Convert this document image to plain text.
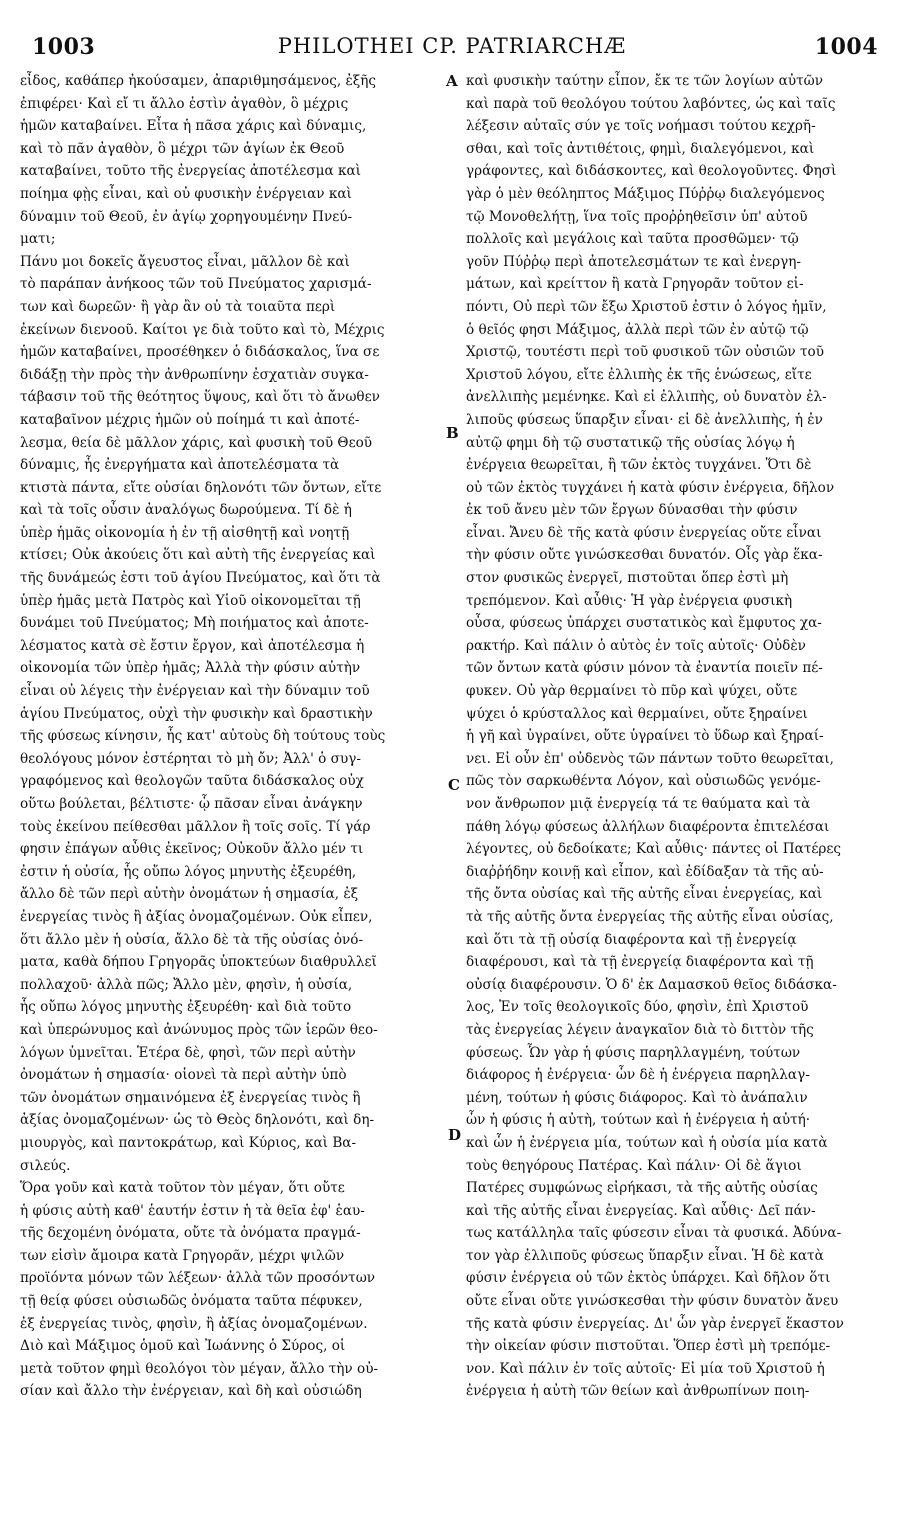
1003	PHILOTHEI CP. PATRIARCHÆ	1004
εἶδος, καθάπερ ἠκούσαμεν, ἀπαριθμησάμενος, ἐξῆς
ἐπιφέρει· Καὶ εἴ τι ἄλλο ἐστὶν ἀγαθὸν, ὃ μέχρις
ἡμῶν καταβαίνει. Εἶτα ἡ πᾶσα χάρις καὶ δύναμις,
καὶ τὸ πᾶν ἀγαθὸν, ὃ μέχρι τῶν ἁγίων ἐκ Θεοῦ
καταβαίνει, τοῦτο τῆς ἐνεργείας ἀποτέλεσμα καὶ
ποίημα φῂς εἶναι, καὶ οὐ φυσικὴν ἐνέργειαν καὶ
δύναμιν τοῦ Θεοῦ, ἐν ἁγίῳ χορηγουμένην Πνεύ-
ματι;
Πάνυ μοι δοκεῖς ἄγευστος εἶναι, μᾶλλον δὲ καὶ
τὸ παράπαν ἀνήκοος τῶν τοῦ Πνεύματος χαρισμά-
των καὶ δωρεῶν· ἢ γὰρ ἂν οὐ τὰ τοιαῦτα περὶ
ἐκείνων διενοοῦ. Καίτοι γε διὰ τοῦτο καὶ τὸ, Μέχρις
ἡμῶν καταβαίνει, προσέθηκεν ὁ διδάσκαλος, ἵνα σε
διδάξῃ τὴν πρὸς τὴν ἀνθρωπίνην ἐσχατιὰν συγκα-
τάβασιν τοῦ τῆς θεότητος ὕψους, καὶ ὅτι τὸ ἄνωθεν
καταβαῖνον μέχρις ἡμῶν οὐ ποίημά τι καὶ ἀποτέ-
λεσμα, θεία δὲ μᾶλλον χάρις, καὶ φυσικὴ τοῦ Θεοῦ
δύναμις, ἧς ἐνεργήματα καὶ ἀποτελέσματα τὰ
κτιστὰ πάντα, εἴτε οὐσίαι δηλονότι τῶν ὄντων, εἴτε
καὶ τὰ τοῖς οὖσιν ἀναλόγως δωρούμενα. Τί δὲ ἡ
ὑπὲρ ἡμᾶς οἰκονομία ἡ ἐν τῇ αἰσθητῇ καὶ νοητῇ
κτίσει; Οὐκ ἀκούεις ὅτι καὶ αὐτὴ τῆς ἐνεργείας καὶ
τῆς δυνάμεώς ἐστι τοῦ ἁγίου Πνεύματος, καὶ ὅτι τὰ
ὑπὲρ ἡμᾶς μετὰ Πατρὸς καὶ Υἱοῦ οἰκονομεῖται τῇ
δυνάμει τοῦ Πνεύματος; Μὴ ποιήματος καὶ ἀποτε-
λέσματος κατὰ σὲ ἔστιν ἔργον, καὶ ἀποτέλεσμα ἡ
οἰκονομία τῶν ὑπὲρ ἡμᾶς; Ἀλλὰ τὴν φύσιν αὐτὴν
εἶναι οὐ λέγεις τὴν ἐνέργειαν καὶ τὴν δύναμιν τοῦ
ἁγίου Πνεύματος, οὐχὶ τὴν φυσικὴν καὶ δραστικὴν
τῆς φύσεως κίνησιν, ἧς κατ' αὐτοὺς δὴ τούτους τοὺς
θεολόγους μόνον ἐστέρηται τὸ μὴ ὄν; Ἀλλ' ὁ συγ-
γραφόμενος καὶ θεολογῶν ταῦτα διδάσκαλος οὐχ
οὕτω βούλεται, βέλτιστε· ᾧ πᾶσαν εἶναι ἀνάγκην
τοὺς ἐκείνου πείθεσθαι μᾶλλον ἢ τοῖς σοῖς. Τί γάρ
φησιν ἐπάγων αὖθις ἐκεῖνος; Οὐκοῦν ἄλλο μέν τι
ἐστιν ἡ οὐσία, ἧς οὔπω λόγος μηνυτὴς ἐξευρέθη,
ἄλλο δὲ τῶν περὶ αὐτὴν ὀνομάτων ἡ σημασία, ἐξ
ἐνεργείας τινὸς ἢ ἀξίας ὀνομαζομένων. Οὐκ εἶπεν,
ὅτι ἄλλο μὲν ἡ οὐσία, ἄλλο δὲ τὰ τῆς οὐσίας ὀνό-
ματα, καθὰ δήπου Γρηγορᾶς ὑποκτεύων διαθρυλλεῖ
πολλαχοῦ· ἀλλὰ πῶς; Ἄλλο μὲν, φησὶν, ἡ οὐσία,
ἧς οὔπω λόγος μηνυτὴς ἐξευρέθη· καὶ διὰ τοῦτο
καὶ ὑπερώνυμος καὶ ἀνώνυμος πρὸς τῶν ἱερῶν θεο-
λόγων ὑμνεῖται. Ἑτέρα δὲ, φησὶ, τῶν περὶ αὐτὴν
ὀνομάτων ἡ σημασία· οἱονεὶ τὰ περὶ αὐτὴν ὑπὸ
τῶν ὀνομάτων σημαινόμενα ἐξ ἐνεργείας τινὸς ἢ
ἀξίας ὀνομαζομένων· ὡς τὸ Θεὸς δηλονότι, καὶ δη-
μιουργὸς, καὶ παντοκράτωρ, καὶ Κύριος, καὶ Βα-
σιλεύς.
Ὅρα γοῦν καὶ κατὰ τοῦτον τὸν μέγαν, ὅτι οὔτε
ἡ φύσις αὐτὴ καθ' ἑαυτήν ἐστιν ἡ τὰ θεῖα ἐφ' ἑαυ-
τῆς δεχομένη ὀνόματα, οὔτε τὰ ὀνόματα πραγμά-
των εἰσὶν ἄμοιρα κατὰ Γρηγορᾶν, μέχρι ψιλῶν
προϊόντα μόνων τῶν λέξεων· ἀλλὰ τῶν προσόντων
τῇ θείᾳ φύσει οὐσιωδῶς ὀνόματα ταῦτα πέφυκεν,
ἐξ ἐνεργείας τινὸς, φησὶν, ἢ ἀξίας ὀνομαζομένων.
Διὸ καὶ Μάξιμος ὁμοῦ καὶ Ἰωάννης ὁ Σύρος, οἱ
μετὰ τοῦτον φημὶ θεολόγοι τὸν μέγαν, ἄλλο τὴν οὐ-
σίαν καὶ ἄλλο τὴν ἐνέργειαν, καὶ δὴ καὶ οὐσιώδη
καὶ φυσικὴν ταύτην εἶπον, ἔκ τε τῶν λογίων αὐτῶν
καὶ παρὰ τοῦ θεολόγου τούτου λαβόντες, ὡς καὶ ταῖς
λέξεσιν αὐταῖς σύν γε τοῖς νοήμασι τούτου κεχρῆ-
σθαι, καὶ τοῖς ἀντιθέτοις, φημὶ, διαλεγόμενοι, καὶ
γράφοντες, καὶ διδάσκοντες, καὶ θεολογοῦντες. Φησὶ
γὰρ ὁ μὲν θεόληπτος Μάξιμος Πύῤῥῳ διαλεγόμενος
τῷ Μονοθελήτῃ, ἵνα τοῖς προῤῥηθεῖσιν ὑπ' αὐτοῦ
πολλοῖς καὶ μεγάλοις καὶ ταῦτα προσθῶμεν· τῷ
γοῦν Πύῤῥῳ περὶ ἀποτελεσμάτων τε καὶ ἐνεργη-
μάτων, καὶ κρείττον ἢ κατὰ Γρηγορᾶν τοῦτον εἰ-
πόντι, Οὐ περὶ τῶν ἔξω Χριστοῦ ἐστιν ὁ λόγος ἡμῖν,
ὁ θεῖός φησι Μάξιμος, ἀλλὰ περὶ τῶν ἐν αὐτῷ τῷ
Χριστῷ, τουτέστι περὶ τοῦ φυσικοῦ τῶν οὐσιῶν τοῦ
Χριστοῦ λόγου, εἴτε ἐλλιπὴς ἐκ τῆς ἑνώσεως, εἴτε
ἀνελλιπὴς μεμένηκε. Καὶ εἰ ἐλλιπὴς, οὐ δυνατὸν ἐλ-
λιποῦς φύσεως ὕπαρξιν εἶναι· εἰ δὲ ἀνελλιπὴς, ἡ ἐν
αὐτῷ φημι δὴ τῷ συστατικῷ τῆς οὐσίας λόγῳ ἡ
ἐνέργεια θεωρεῖται, ἢ τῶν ἐκτὸς τυγχάνει. Ὅτι δὲ
οὐ τῶν ἐκτὸς τυγχάνει ἡ κατὰ φύσιν ἐνέργεια, δῆλον
ἐκ τοῦ ἄνευ μὲν τῶν ἔργων δύνασθαι τὴν φύσιν
εἶναι. Ἄνευ δὲ τῆς κατὰ φύσιν ἐνεργείας οὔτε εἶναι
τὴν φύσιν οὔτε γινώσκεσθαι δυνατόν. Οἷς γὰρ ἕκα-
στον φυσικῶς ἐνεργεῖ, πιστοῦται ὅπερ ἐστὶ μὴ
τρεπόμενον. Καὶ αὖθις· Ἡ γὰρ ἐνέργεια φυσικὴ
οὖσα, φύσεως ὑπάρχει συστατικὸς καὶ ἔμφυτος χα-
ρακτήρ. Καὶ πάλιν ὁ αὐτὸς ἐν τοῖς αὐτοῖς· Οὐδὲν
τῶν ὄντων κατὰ φύσιν μόνον τὰ ἐναντία ποιεῖν πέ-
φυκεν. Οὐ γὰρ θερμαίνει τὸ πῦρ καὶ ψύχει, οὔτε
ψύχει ὁ κρύσταλλος καὶ θερμαίνει, οὔτε ξηραίνει
ἡ γῆ καὶ ὑγραίνει, οὔτε ὑγραίνει τὸ ὕδωρ καὶ ξηραί-
νει. Εἰ οὖν ἐπ' οὐδενὸς τῶν πάντων τοῦτο θεωρεῖται,
πῶς τὸν σαρκωθέντα Λόγον, καὶ οὐσιωδῶς γενόμε-
νον ἄνθρωπον μιᾷ ἐνεργείᾳ τά τε θαύματα καὶ τὰ
πάθη λόγῳ φύσεως ἀλλήλων διαφέροντα ἐπιτελέσαι
λέγοντες, οὐ δεδοίκατε; Καὶ αὖθις· πάντες οἱ Πατέρες
διαῤῥήδην κοινῇ καὶ εἶπον, καὶ ἐδίδαξαν τὰ τῆς αὐ-
τῆς ὄντα οὐσίας καὶ τῆς αὐτῆς εἶναι ἐνεργείας, καὶ
τὰ τῆς αὐτῆς ὄντα ἐνεργείας τῆς αὐτῆς εἶναι οὐσίας,
καὶ ὅτι τὰ τῇ οὐσίᾳ διαφέροντα καὶ τῇ ἐνεργείᾳ
διαφέρουσι, καὶ τὰ τῇ ἐνεργείᾳ διαφέροντα καὶ τῇ
οὐσίᾳ διαφέρουσιν. Ὁ δ' ἐκ Δαμασκοῦ θεῖος διδάσκα-
λος, Ἐν τοῖς θεολογικοῖς δύο, φησὶν, ἐπὶ Χριστοῦ
τὰς ἐνεργείας λέγειν ἀναγκαῖον διὰ τὸ διττὸν τῆς
φύσεως. Ὧν γὰρ ἡ φύσις παρηλλαγμένη, τούτων
διάφορος ἡ ἐνέργεια· ὧν δὲ ἡ ἐνέργεια παρηλλαγ-
μένη, τούτων ἡ φύσις διάφορος. Καὶ τὸ ἀνάπαλιν
ὧν ἡ φύσις ἡ αὐτὴ, τούτων καὶ ἡ ἐνέργεια ἡ αὐτή·
καὶ ὧν ἡ ἐνέργεια μία, τούτων καὶ ἡ οὐσία μία κατὰ
τοὺς θεηγόρους Πατέρας. Καὶ πάλιν· Οἱ δὲ ἅγιοι
Πατέρες συμφώνως εἰρήκασι, τὰ τῆς αὐτῆς οὐσίας
καὶ τῆς αὐτῆς εἶναι ἐνεργείας. Καὶ αὖθις· Δεῖ πάν-
τως κατάλληλα ταῖς φύσεσιν εἶναι τὰ φυσικά. Ἀδύνα-
τον γὰρ ἐλλιποῦς φύσεως ὕπαρξιν εἶναι. Ἡ δὲ κατὰ
φύσιν ἐνέργεια οὐ τῶν ἐκτὸς ὑπάρχει. Καὶ δῆλον ὅτι
οὔτε εἶναι οὔτε γινώσκεσθαι τὴν φύσιν δυνατὸν ἄνευ
τῆς κατὰ φύσιν ἐνεργείας. Δι' ὧν γὰρ ἐνεργεῖ ἕκαστον
τὴν οἰκείαν φύσιν πιστοῦται. Ὅπερ ἐστὶ μὴ τρεπόμε-
νον. Καὶ πάλιν ἐν τοῖς αὐτοῖς· Εἰ μία τοῦ Χριστοῦ ἡ
ἐνέργεια ἡ αὐτὴ τῶν θείων καὶ ἀνθρωπίνων ποιη-
A
B
C
D
